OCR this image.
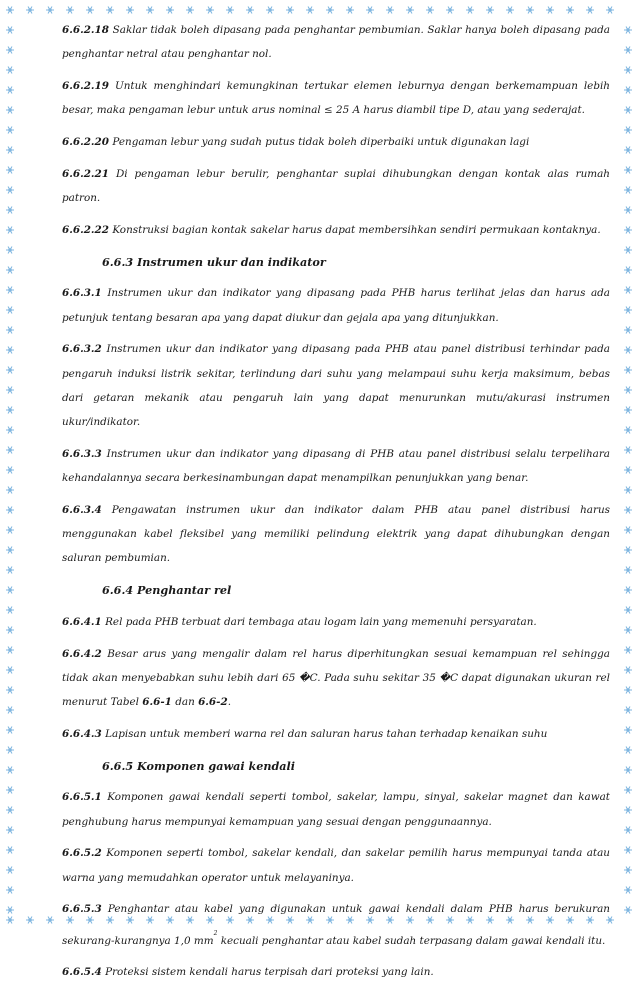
6.6.2.18 Saklar tidak boleh dipasang pada penghantar pembumian. Saklar hanya boleh dipasang pada penghantar netral atau penghantar nol.

6.6.2.19 Untuk menghindari kemungkinan tertukar elemen leburnya dengan berkemampuan lebih besar, maka pengaman lebur untuk arus nominal ≤ 25 A harus diambil tipe D, atau yang sederajat.

6.6.2.20 Pengaman lebur yang sudah putus tidak boleh diperbaiki untuk digunakan lagi

6.6.2.21 Di pengaman lebur berulir, penghantar suplai dihubungkan dengan kontak alas rumah patron.

6.6.2.22 Konstruksi bagian kontak sakelar harus dapat membersihkan sendiri permukaan kontaknya.

6.6.3 Instrumen ukur dan indikator

6.6.3.1 Instrumen ukur dan indikator yang dipasang pada PHB harus terlihat jelas dan harus ada petunjuk tentang besaran apa yang dapat diukur dan gejala apa yang ditunjukkan.

6.6.3.2 Instrumen ukur dan indikator yang dipasang pada PHB atau panel distribusi terhindar pada pengaruh induksi listrik sekitar, terlindung dari suhu yang melampaui suhu kerja maksimum, bebas dari getaran mekanik atau pengaruh lain yang dapat menurunkan mutu/akurasi instrumen ukur/indikator.

6.6.3.3 Instrumen ukur dan indikator yang dipasang di PHB atau panel distribusi selalu terpelihara kehandalannya secara berkesinambungan dapat menampilkan penunjukkan yang benar.

6.6.3.4 Pengawatan instrumen ukur dan indikator dalam PHB atau panel distribusi harus menggunakan kabel fleksibel yang memiliki pelindung elektrik yang dapat dihubungkan dengan saluran pembumian.

6.6.4 Penghantar rel

6.6.4.1 Rel pada PHB terbuat dari tembaga atau logam lain yang memenuhi persyaratan.

6.6.4.2 Besar arus yang mengalir dalam rel harus diperhitungkan sesuai kemampuan rel sehingga tidak akan menyebabkan suhu lebih dari 65 �C. Pada suhu sekitar 35 �C dapat digunakan ukuran rel menurut Tabel 6.6-1 dan 6.6-2.

6.6.4.3 Lapisan untuk memberi warna rel dan saluran harus tahan terhadap kenaikan suhu

6.6.5 Komponen gawai kendali

6.6.5.1 Komponen gawai kendali seperti tombol, sakelar, lampu, sinyal, sakelar magnet dan kawat penghubung harus mempunyai kemampuan yang sesuai dengan penggunaannya.

6.6.5.2 Komponen seperti tombol, sakelar kendali, dan sakelar pemilih harus mempunyai tanda atau warna yang memudahkan operator untuk melayaninya.

6.6.5.3 Penghantar atau kabel yang digunakan untuk gawai kendali dalam PHB harus berukuran sekurang-kurangnya 1,0 $mm^2$ kecuali penghantar atau kabel sudah terpasang dalam gawai kendali itu.

6.6.5.4 Proteksi sistem kendali harus terpisah dari proteksi yang lain.
